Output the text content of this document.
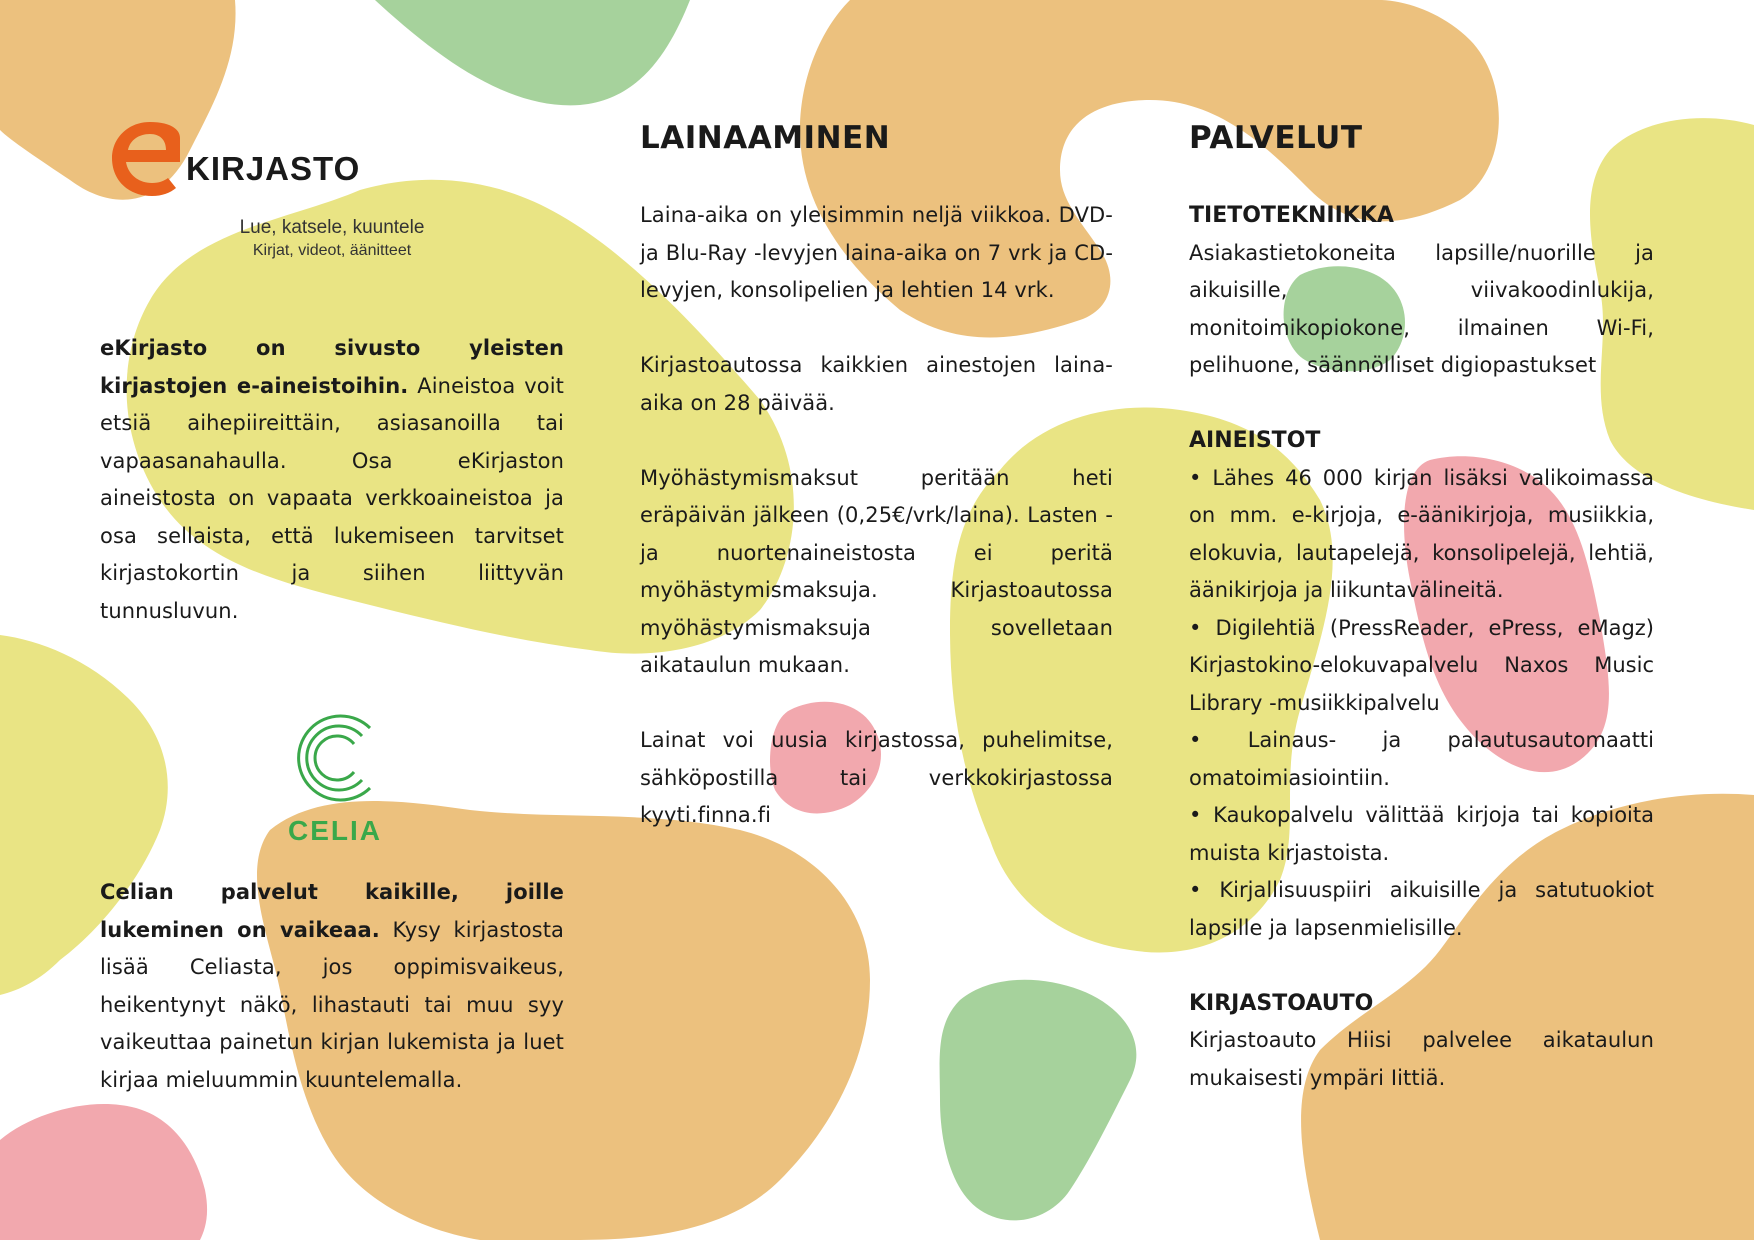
KIRJASTO
Lue, katsele, kuuntele
Kirjat, videot, äänitteet

eKirjasto on sivusto yleisten kirjastojen e-aineistoihin. Aineistoa voit etsiä aihepiireittäin, asiasanoilla tai vapaasanahaulla. Osa eKirjaston aineistosta on vapaata verkkoaineistoa ja osa sellaista, että lukemiseen tarvitset kirjastokortin ja siihen liittyvän tunnusluvun.

CELIA

Celian palvelut kaikille, joille lukeminen on vaikeaa. Kysy kirjastosta lisää Celiasta, jos oppimisvaikeus, heikentynyt näkö, lihastauti tai muu syy vaikeuttaa painetun kirjan lukemista ja luet kirjaa mieluummin kuuntelemalla.

LAINAAMINEN

Laina-aika on yleisimmin neljä viikkoa. DVD- ja Blu-Ray -levyjen laina-aika on 7 vrk ja CD-levyjen, konsolipelien ja lehtien 14 vrk.

Kirjastoautossa kaikkien ainestojen laina-aika on 28 päivää.

Myöhästymismaksut peritään heti eräpäivän jälkeen (0,25€/vrk/laina). Lasten - ja nuortenaineistosta ei peritä myöhästymismaksuja. Kirjastoautossa myöhästymismaksuja sovelletaan aikataulun mukaan.

Lainat voi uusia kirjastossa, puhelimitse, sähköpostilla tai verkkokirjastossa kyyti.finna.fi

PALVELUT

TIETOTEKNIIKKA

Asiakastietokoneita lapsille/nuorille ja aikuisille, viivakoodinlukija, monitoimikopiokone, ilmainen Wi-Fi, pelihuone, säännölliset digiopastukset

AINEISTOT

• Lähes 46 000 kirjan lisäksi valikoimassa on mm. e-kirjoja, e-äänikirjoja, musiikkia, elokuvia, lautapelejä, konsolipelejä, lehtiä, äänikirjoja ja liikuntavälineitä.

• Digilehtiä (PressReader, ePress, eMagz) Kirjastokino-elokuvapalvelu Naxos Music Library -musiikkipalvelu

• Lainaus- ja palautusautomaatti omatoimiasiointiin.

• Kaukopalvelu välittää kirjoja tai kopioita muista kirjastoista.

• Kirjallisuuspiiri aikuisille ja satutuokiot lapsille ja lapsenmielisille.

KIRJASTOAUTO

Kirjastoauto Hiisi palvelee aikataulun mukaisesti ympäri Iittiä.
